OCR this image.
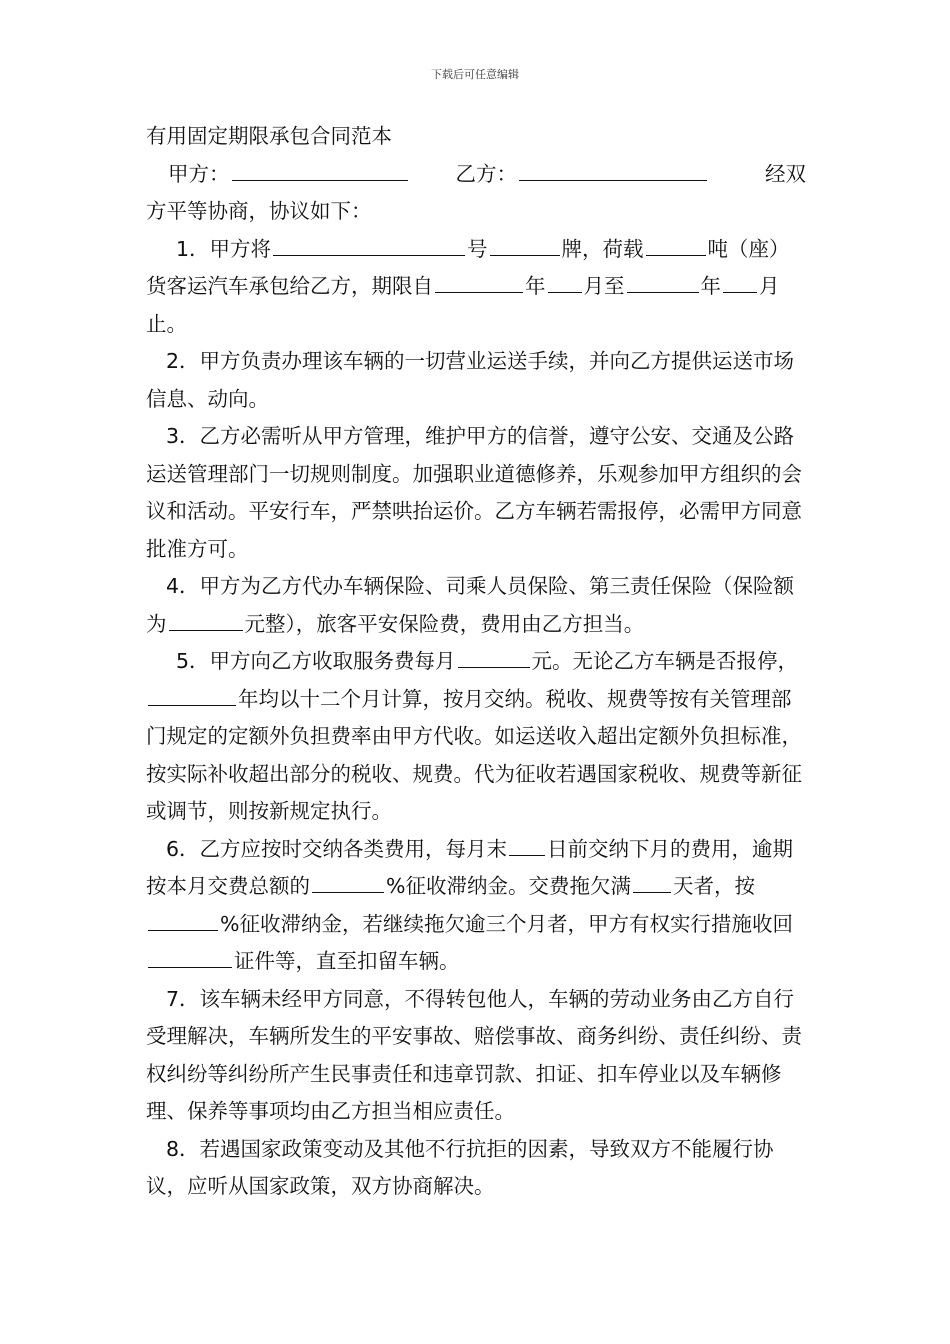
下载后可任意编辑

有用固定期限承包合同范本

甲方：	乙方：	经双

方平等协商，协议如下：

1．甲方将	号	牌，荷载	吨（座）货客运汽车承包给乙方，期限自	年 月至	年 月止。

2．甲方负责办理该车辆的一切营业运送手续，并向乙方提供运送市场信息、动向。

3．乙方必需听从甲方管理，维护甲方的信誉，遵守公安、交通及公路运送管理部门一切规则制度。加强职业道德修养，乐观参加甲方组织的会议和活动。平安行车，严禁哄抬运价。乙方车辆若需报停，必需甲方同意批准方可。

4．甲方为乙方代办车辆保险、司乘人员保险、第三责任保险（保险额为	元整），旅客平安保险费，费用由乙方担当。

5．甲方向乙方收取服务费每月	元。无论乙方车辆是否报停，年均以十二个月计算，按月交纳。税收、规费等按有关管理部门规定的定额外负担费率由甲方代收。如运送收入超出定额外负担标准，按实际补收超出部分的税收、规费。代为征收若遇国家税收、规费等新征或调节，则按新规定执行。

6．乙方应按时交纳各类费用，每月末 日前交纳下月的费用，逾期按本月交费总额的	%征收滞纳金。交费拖欠满 天者，按%征收滞纳金，若继续拖欠逾三个月者，甲方有权实行措施收回证件等，直至扣留车辆。

7．该车辆未经甲方同意，不得转包他人，车辆的劳动业务由乙方自行受理解决，车辆所发生的平安事故、赔偿事故、商务纠纷、责任纠纷、责权纠纷等纠纷所产生民事责任和违章罚款、扣证、扣车停业以及车辆修理、保养等事项均由乙方担当相应责任。

8．若遇国家政策变动及其他不行抗拒的因素，导致双方不能履行协议，应听从国家政策，双方协商解决。
